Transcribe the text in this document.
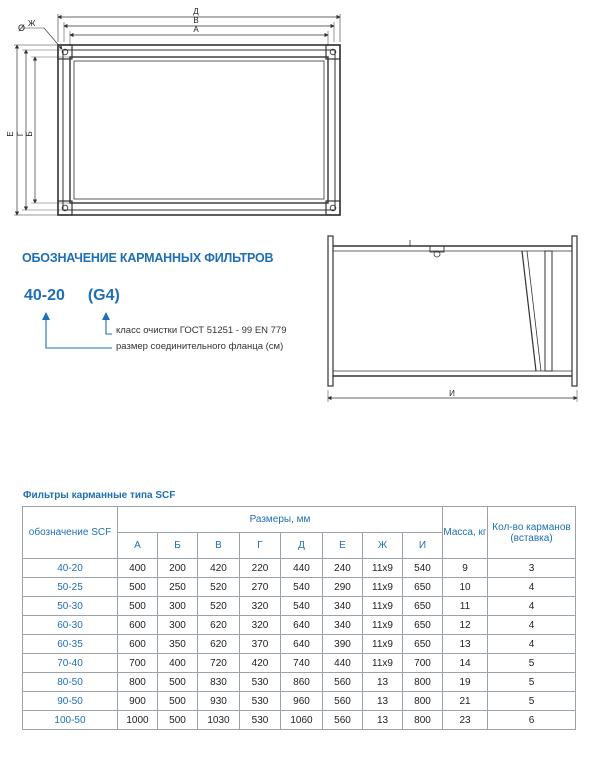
Д
В
А
Ж
Е Г Б
Ø
И
ОБОЗНАЧЕНИЕ КАРМАННЫХ ФИЛЬТРОВ
40-20 (G4)
класс очистки ГОСТ 51251 - 99 EN 779
размер соединительного фланца (см)
Фильтры карманные типа SCF
обозначение SCF	Размеры, мм								Масса, кг	Кол-во карманов (вставка)
	А	Б	В	Г	Д	Е	Ж	И		
40-20	400	200	420	220	440	240	11x9	540	9	3
50-25	500	250	520	270	540	290	11x9	650	10	4
50-30	500	300	520	320	540	340	11x9	650	11	4
60-30	600	300	620	320	640	340	11x9	650	12	4
60-35	600	350	620	370	640	390	11x9	650	13	4
70-40	700	400	720	420	740	440	11x9	700	14	5
80-50	800	500	830	530	860	560	13	800	19	5
90-50	900	500	930	530	960	560	13	800	21	5
100-50	1000	500	1030	530	1060	560	13	800	23	6
